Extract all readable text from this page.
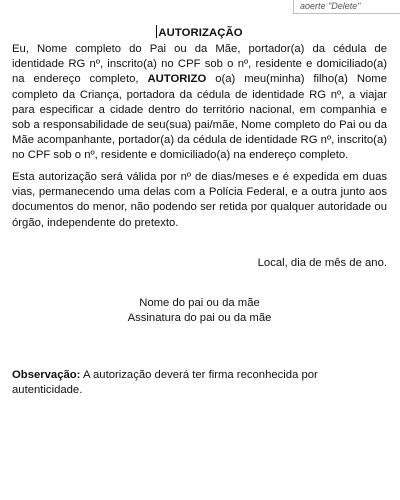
aoerte "Delete"
AUTORIZAÇÃO

Eu, Nome completo do Pai ou da Mãe, portador(a) da cédula de identidade RG nº, inscrito(a) no CPF sob o nº, residente e domiciliado(a) na endereço completo, AUTORIZO o(a) meu(minha) filho(a) Nome completo da Criança, portadora da cédula de identidade RG nº, a viajar para especificar a cidade dentro do território nacional, em companhia e sob a responsabilidade de seu(sua) pai/mãe, Nome completo do Pai ou da Mãe acompanhante, portador(a) da cédula de identidade RG nº, inscrito(a) no CPF sob o nº, residente e domiciliado(a) na endereço completo.

Esta autorização será válida por nº de dias/meses e é expedida em duas vias, permanecendo uma delas com a Polícia Federal, e a outra junto aos documentos do menor, não podendo ser retida por qualquer autoridade ou órgão, independente do pretexto.

Local, dia de mês de ano.
Nome do pai ou da mãe
Assinatura do pai ou da mãe
Observação: A autorização deverá ter firma reconhecida por autenticidade.
